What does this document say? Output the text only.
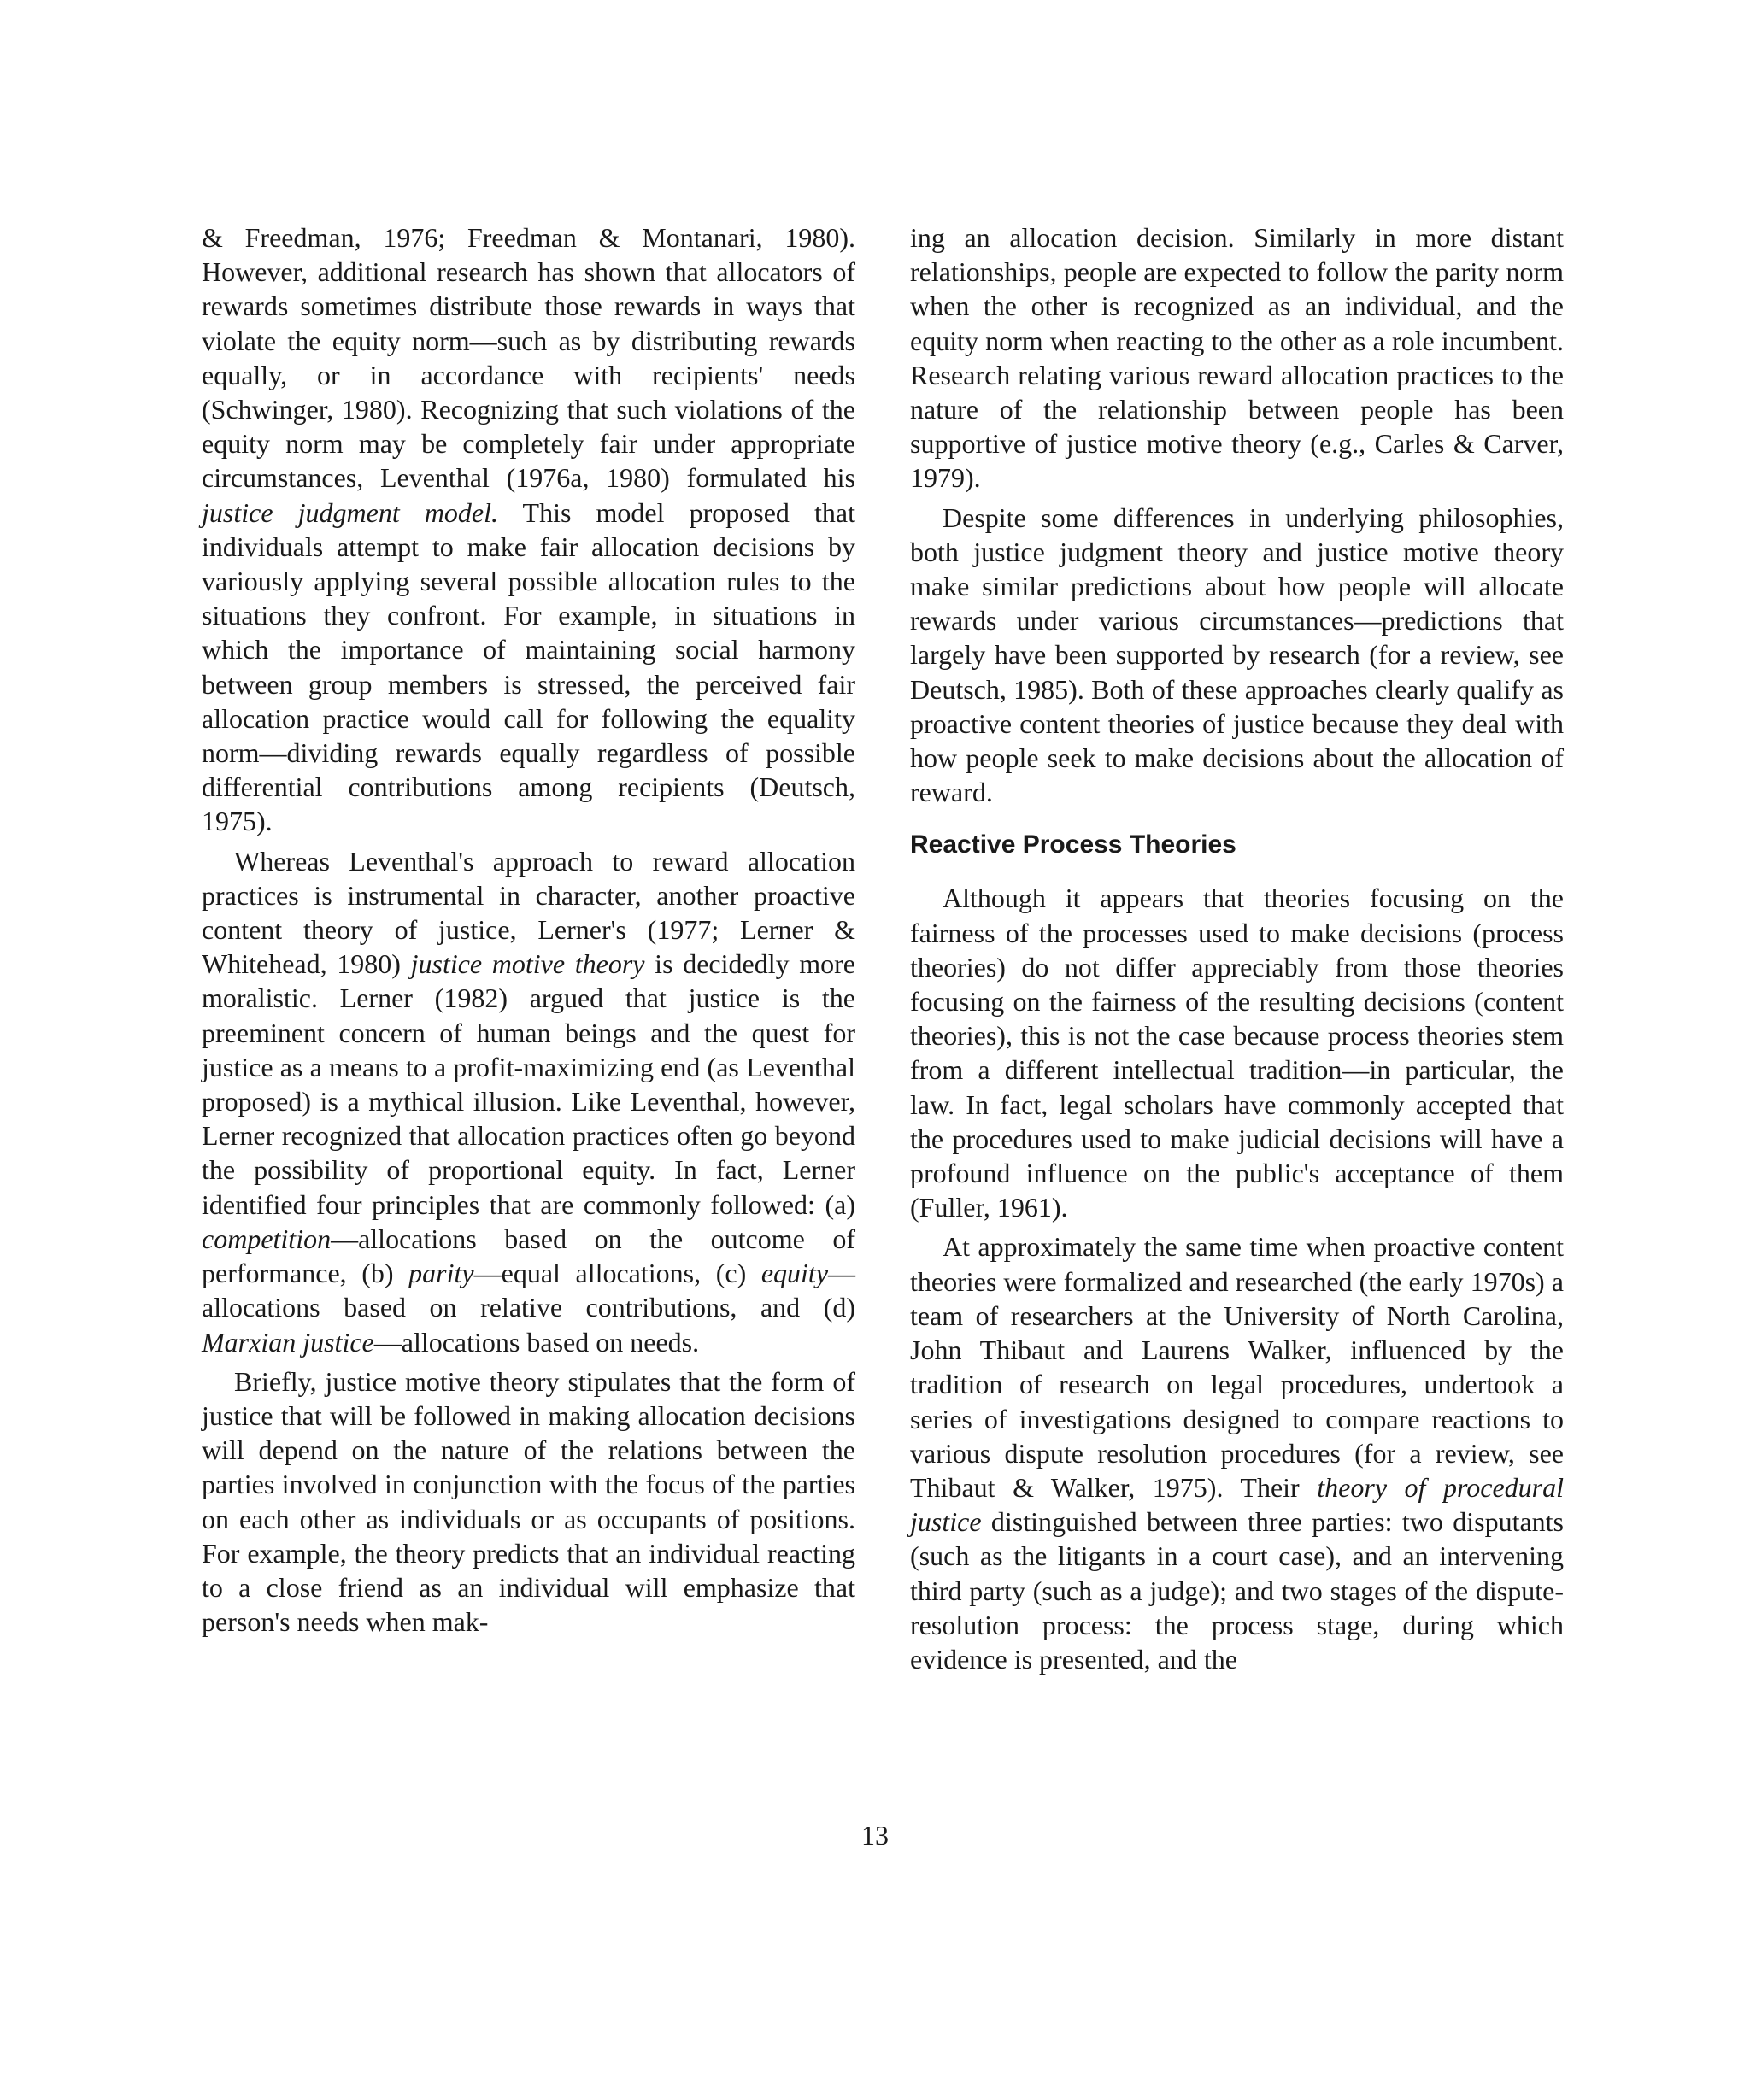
& Freedman, 1976; Freedman & Montanari, 1980). However, additional research has shown that allocators of rewards sometimes distribute those rewards in ways that violate the equity norm—such as by distributing rewards equally, or in accordance with recipients' needs (Schwinger, 1980). Recognizing that such violations of the equity norm may be completely fair under appropriate circumstances, Leventhal (1976a, 1980) formulated his justice judgment model. This model proposed that individuals attempt to make fair allocation decisions by variously applying several possible allocation rules to the situations they confront. For example, in situations in which the importance of maintaining social harmony between group members is stressed, the perceived fair allocation practice would call for following the equality norm—dividing rewards equally regardless of possible differential contributions among recipients (Deutsch, 1975).

Whereas Leventhal's approach to reward allocation practices is instrumental in character, another proactive content theory of justice, Lerner's (1977; Lerner & Whitehead, 1980) justice motive theory is decidedly more moralistic. Lerner (1982) argued that justice is the preeminent concern of human beings and the quest for justice as a means to a profit-maximizing end (as Leventhal proposed) is a mythical illusion. Like Leventhal, however, Lerner recognized that allocation practices often go beyond the possibility of proportional equity. In fact, Lerner identified four principles that are commonly followed: (a) competition—allocations based on the outcome of performance, (b) parity—equal allocations, (c) equity— allocations based on relative contributions, and (d) Marxian justice—allocations based on needs.

Briefly, justice motive theory stipulates that the form of justice that will be followed in making allocation decisions will depend on the nature of the relations between the parties involved in conjunction with the focus of the parties on each other as individuals or as occupants of positions. For example, the theory predicts that an individual reacting to a close friend as an individual will emphasize that person's needs when mak-

ing an allocation decision. Similarly in more distant relationships, people are expected to follow the parity norm when the other is recognized as an individual, and the equity norm when reacting to the other as a role incumbent. Research relating various reward allocation practices to the nature of the relationship between people has been supportive of justice motive theory (e.g., Carles & Carver, 1979).

Despite some differences in underlying philosophies, both justice judgment theory and justice motive theory make similar predictions about how people will allocate rewards under various circumstances—predictions that largely have been supported by research (for a review, see Deutsch, 1985). Both of these approaches clearly qualify as proactive content theories of justice because they deal with how people seek to make decisions about the allocation of reward.

Reactive Process Theories

Although it appears that theories focusing on the fairness of the processes used to make decisions (process theories) do not differ appreciably from those theories focusing on the fairness of the resulting decisions (content theories), this is not the case because process theories stem from a different intellectual tradition—in particular, the law. In fact, legal scholars have commonly accepted that the procedures used to make judicial decisions will have a profound influence on the public's acceptance of them (Fuller, 1961).

At approximately the same time when proactive content theories were formalized and researched (the early 1970s) a team of researchers at the University of North Carolina, John Thibaut and Laurens Walker, influenced by the tradition of research on legal procedures, undertook a series of investigations designed to compare reactions to various dispute resolution procedures (for a review, see Thibaut & Walker, 1975). Their theory of procedural justice distinguished between three parties: two disputants (such as the litigants in a court case), and an intervening third party (such as a judge); and two stages of the dispute-resolution process: the process stage, during which evidence is presented, and the

13
